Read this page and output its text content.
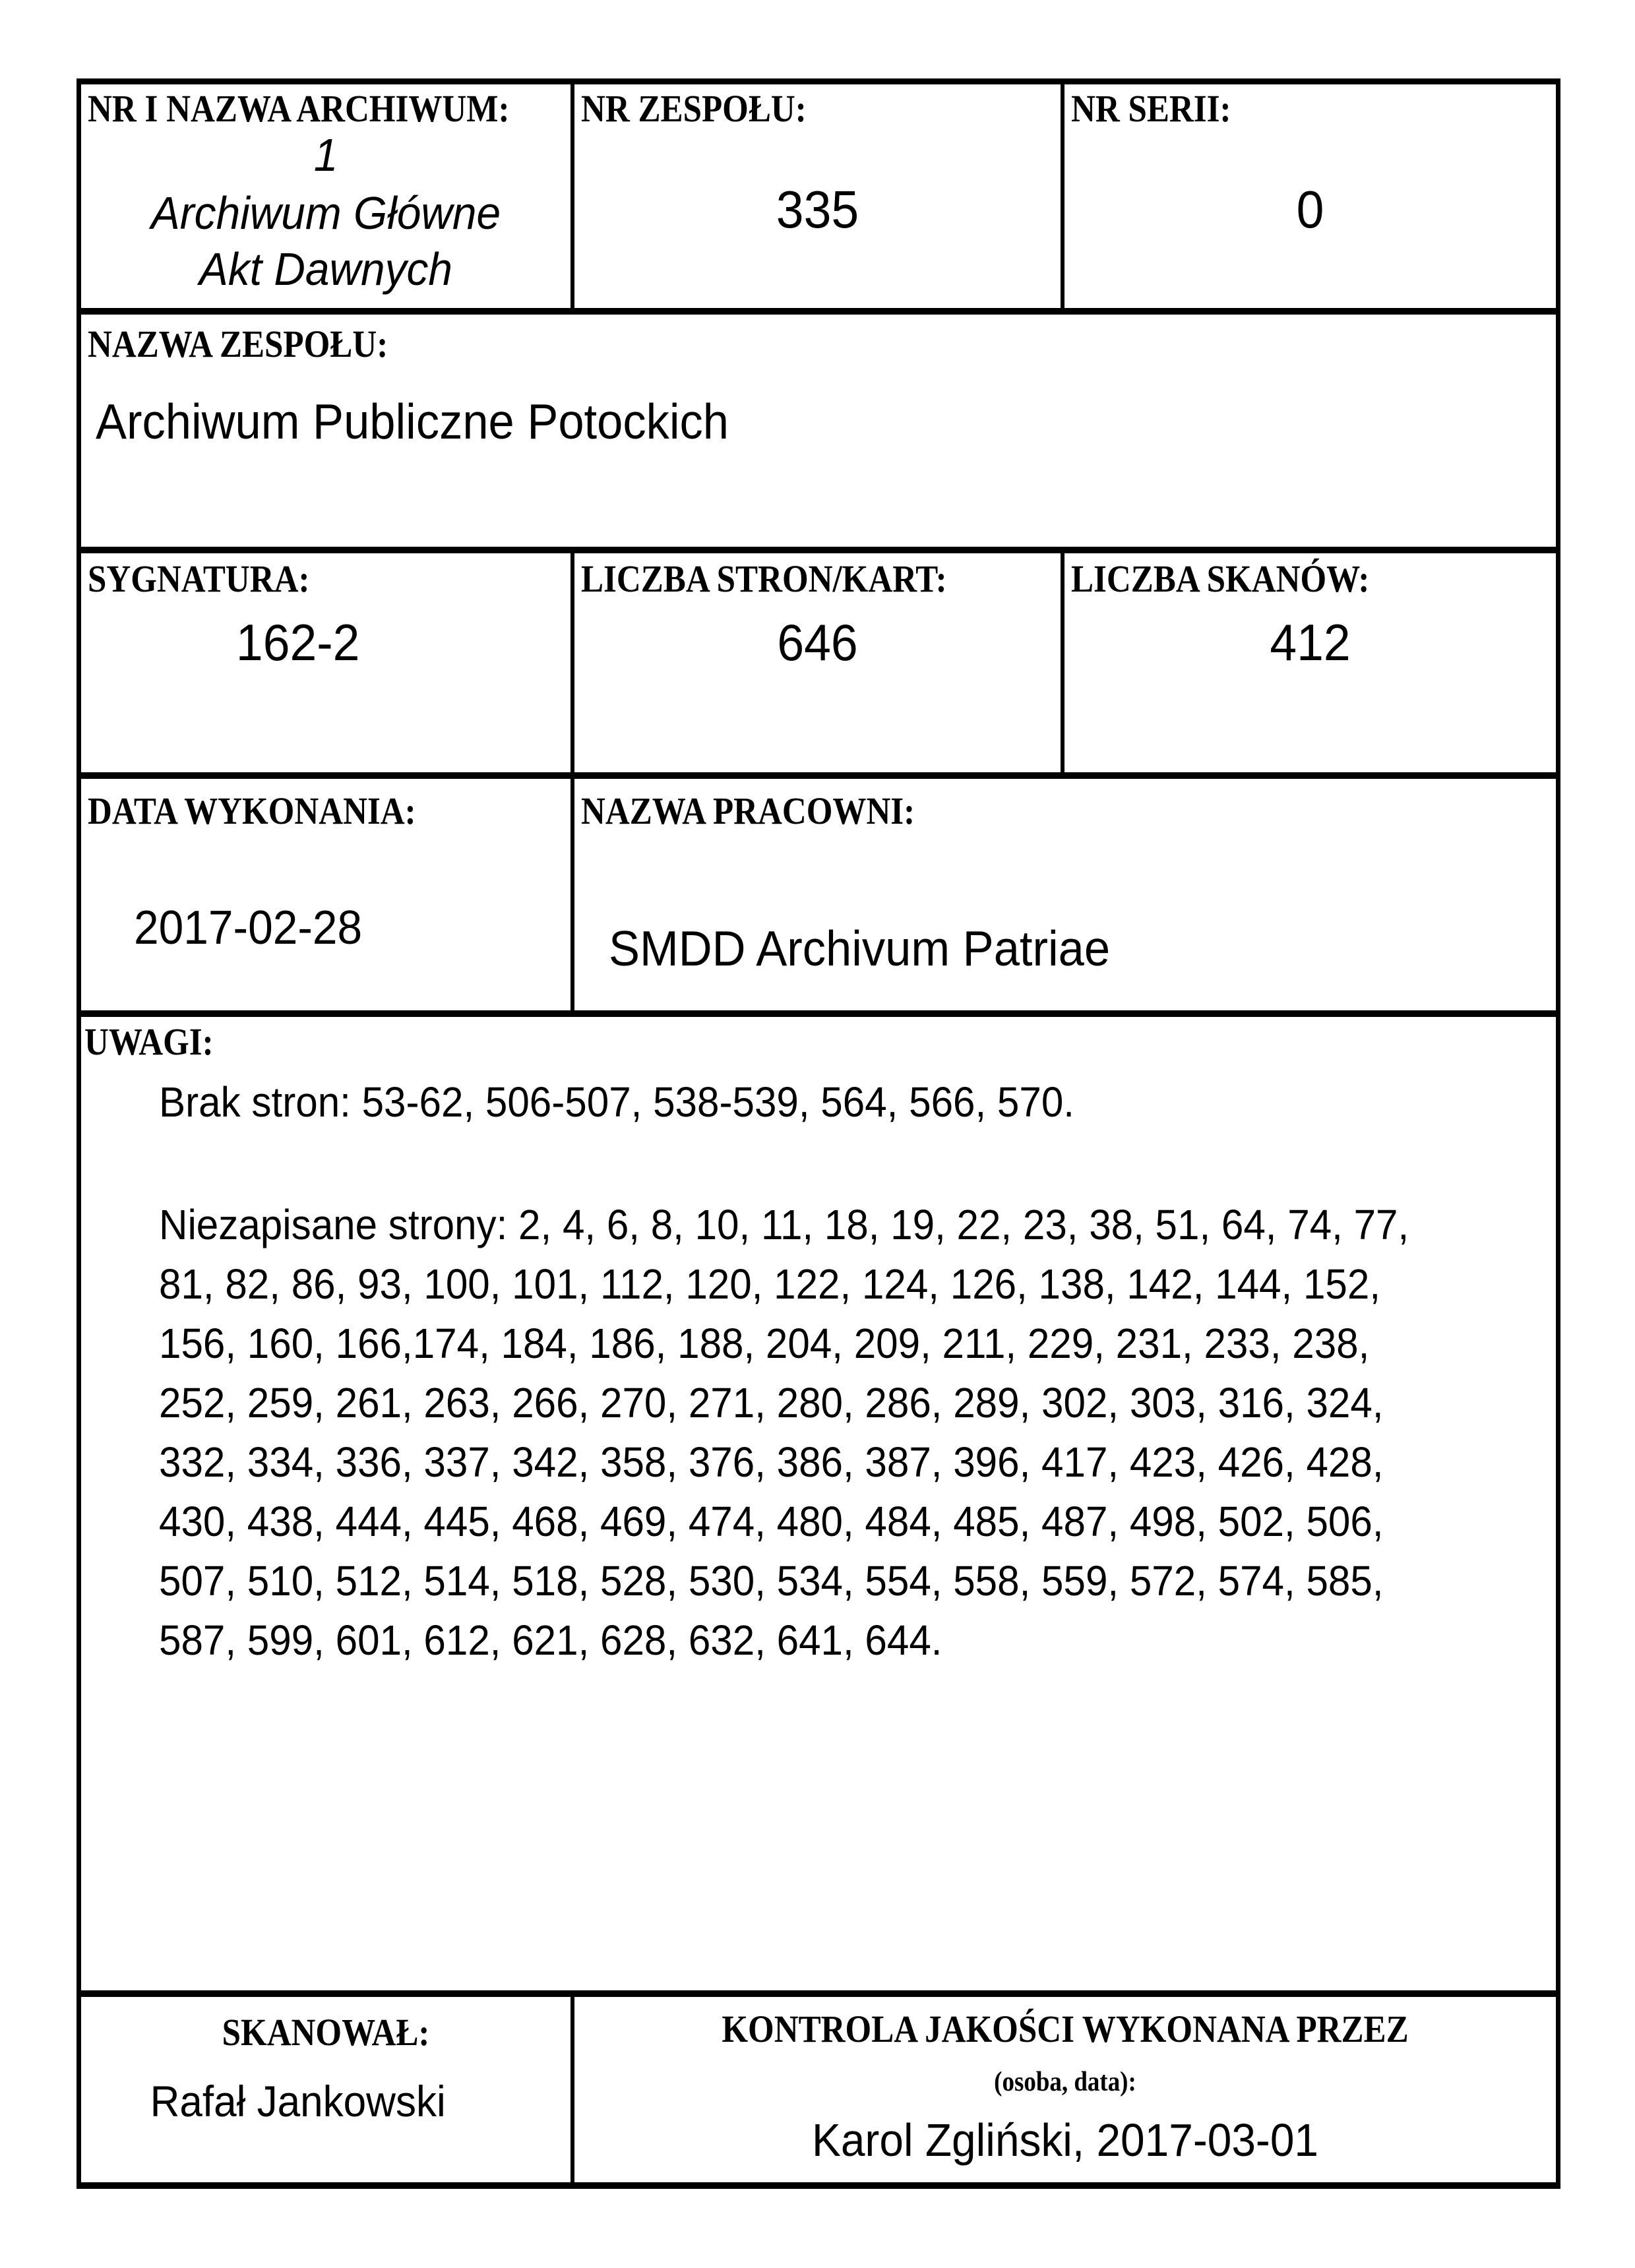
NR I NAZWA ARCHIWUM:
1
Archiwum Główne
Akt Dawnych
NR ZESPOŁU:
335
NR SERII:
0
NAZWA ZESPOŁU:
Archiwum Publiczne Potockich
SYGNATURA:
162-2
LICZBA STRON/KART:
646
LICZBA SKANÓW:
412
DATA WYKONANIA:
2017-02-28
NAZWA PRACOWNI:
SMDD Archivum Patriae
UWAGI:
Brak stron: 53-62, 506-507, 538-539, 564, 566, 570.
Niezapisane strony: 2, 4, 6, 8, 10, 11, 18, 19, 22, 23, 38, 51, 64, 74, 77,
81, 82, 86, 93, 100, 101, 112, 120, 122, 124, 126, 138, 142, 144, 152,
156, 160, 166,174, 184, 186, 188, 204, 209, 211, 229, 231, 233, 238,
252, 259, 261, 263, 266, 270, 271, 280, 286, 289, 302, 303, 316, 324,
332, 334, 336, 337, 342, 358, 376, 386, 387, 396, 417, 423, 426, 428,
430, 438, 444, 445, 468, 469, 474, 480, 484, 485, 487, 498, 502, 506,
507, 510, 512, 514, 518, 528, 530, 534, 554, 558, 559, 572, 574, 585,
587, 599, 601, 612, 621, 628, 632, 641, 644.
SKANOWAŁ:
Rafał Jankowski
KONTROLA JAKOŚCI WYKONANA PRZEZ
(osoba, data):
Karol Zgliński, 2017-03-01
